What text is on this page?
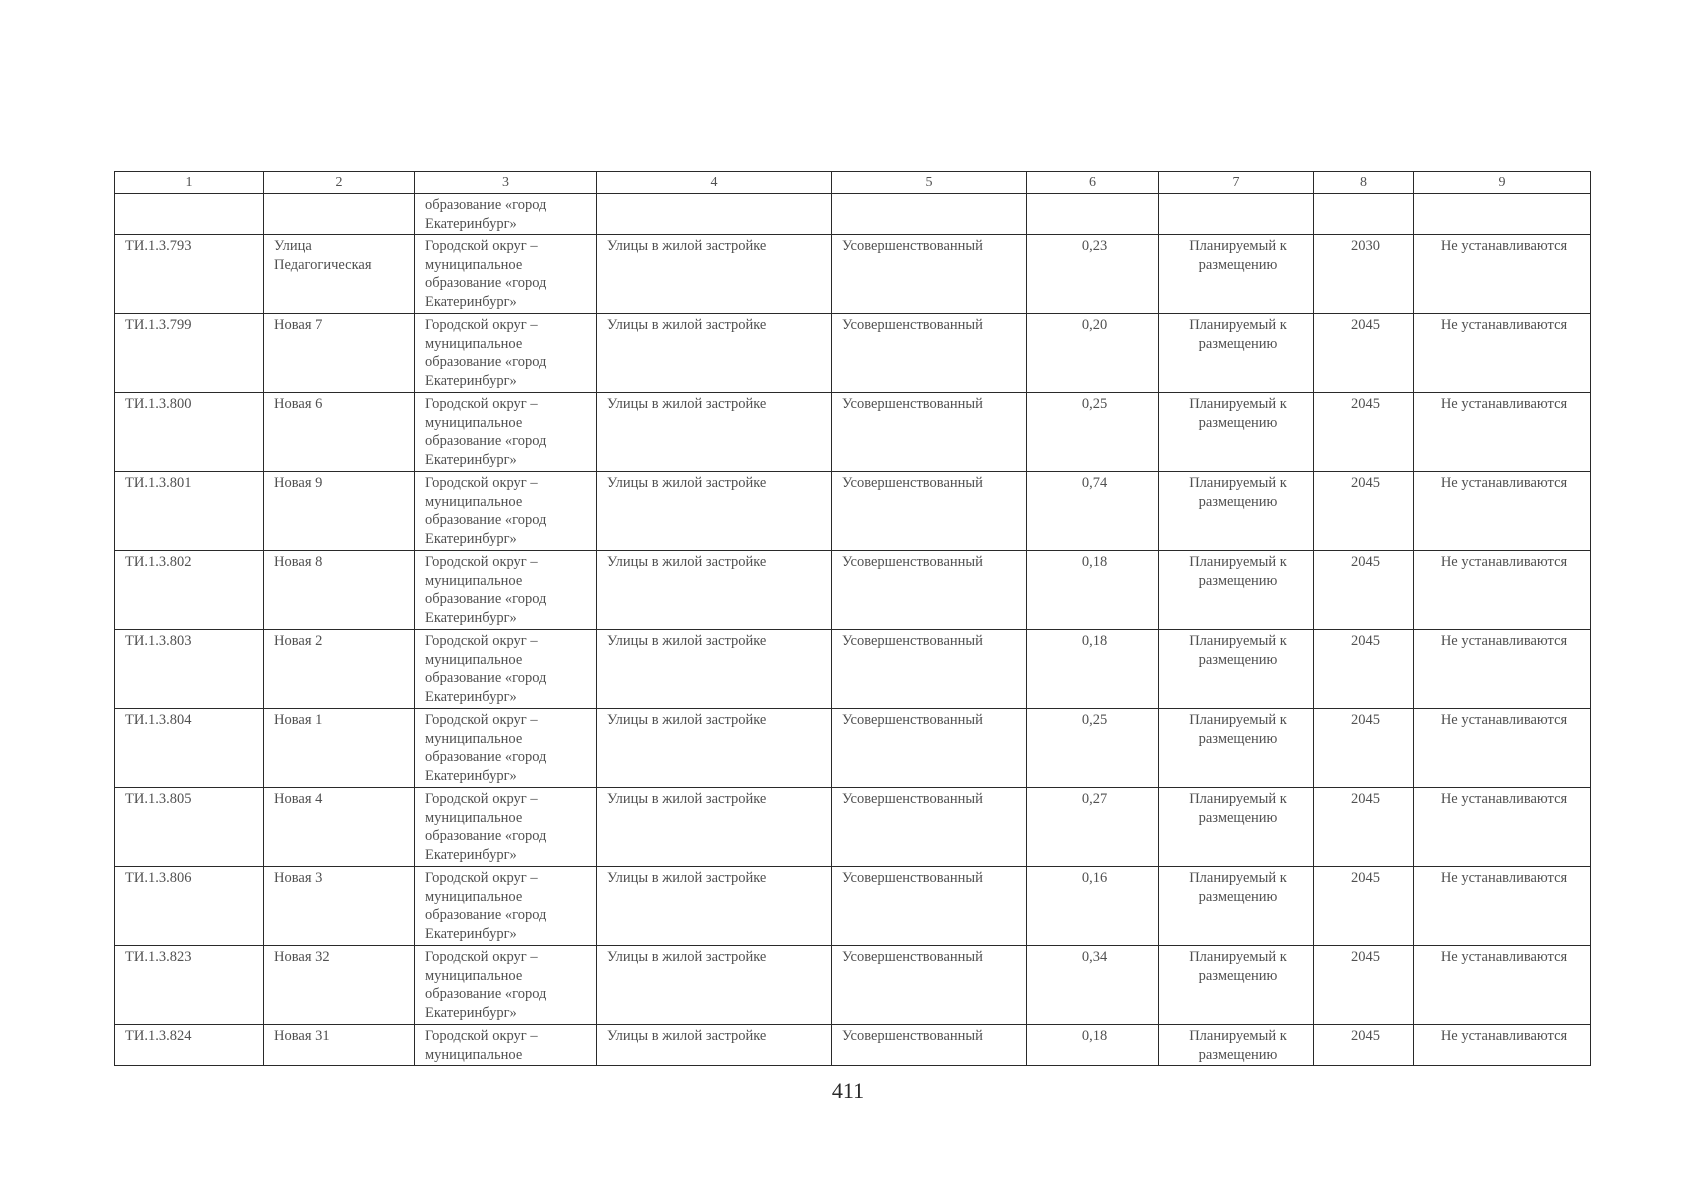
1	2	3	4	5	6	7	8	9
		образование «город Екатеринбург»						
ТИ.1.3.793	Улица Педагогическая	Городской округ – муниципальное образование «город Екатеринбург»	Улицы в жилой застройке	Усовершенствованный	0,23	Планируемый к размещению	2030	Не устанавливаются
ТИ.1.3.799	Новая 7	Городской округ – муниципальное образование «город Екатеринбург»	Улицы в жилой застройке	Усовершенствованный	0,20	Планируемый к размещению	2045	Не устанавливаются
ТИ.1.3.800	Новая 6	Городской округ – муниципальное образование «город Екатеринбург»	Улицы в жилой застройке	Усовершенствованный	0,25	Планируемый к размещению	2045	Не устанавливаются
ТИ.1.3.801	Новая 9	Городской округ – муниципальное образование «город Екатеринбург»	Улицы в жилой застройке	Усовершенствованный	0,74	Планируемый к размещению	2045	Не устанавливаются
ТИ.1.3.802	Новая 8	Городской округ – муниципальное образование «город Екатеринбург»	Улицы в жилой застройке	Усовершенствованный	0,18	Планируемый к размещению	2045	Не устанавливаются
ТИ.1.3.803	Новая 2	Городской округ – муниципальное образование «город Екатеринбург»	Улицы в жилой застройке	Усовершенствованный	0,18	Планируемый к размещению	2045	Не устанавливаются
ТИ.1.3.804	Новая 1	Городской округ – муниципальное образование «город Екатеринбург»	Улицы в жилой застройке	Усовершенствованный	0,25	Планируемый к размещению	2045	Не устанавливаются
ТИ.1.3.805	Новая 4	Городской округ – муниципальное образование «город Екатеринбург»	Улицы в жилой застройке	Усовершенствованный	0,27	Планируемый к размещению	2045	Не устанавливаются
ТИ.1.3.806	Новая 3	Городской округ – муниципальное образование «город Екатеринбург»	Улицы в жилой застройке	Усовершенствованный	0,16	Планируемый к размещению	2045	Не устанавливаются
ТИ.1.3.823	Новая 32	Городской округ – муниципальное образование «город Екатеринбург»	Улицы в жилой застройке	Усовершенствованный	0,34	Планируемый к размещению	2045	Не устанавливаются
ТИ.1.3.824	Новая 31	Городской округ – муниципальное	Улицы в жилой застройке	Усовершенствованный	0,18	Планируемый к размещению	2045	Не устанавливаются
411
